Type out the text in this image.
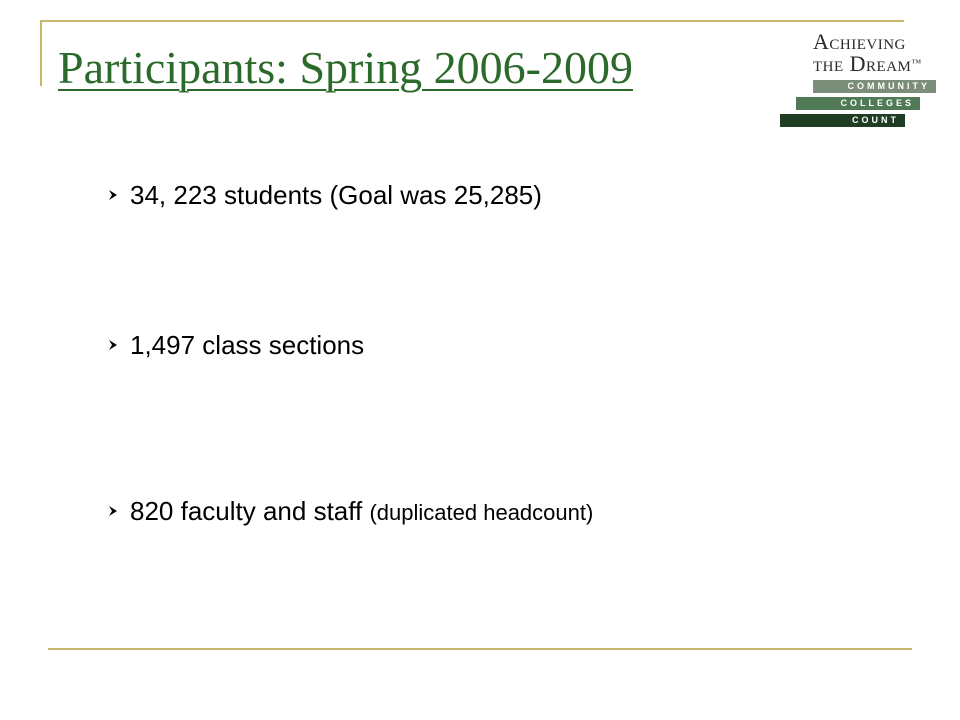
Participants: Spring 2006-2009
Achieving
the Dream™
COMMUNITY
COLLEGES
COUNT
34, 223 students (Goal was 25,285)
1,497 class sections
820 faculty and staff (duplicated headcount)
